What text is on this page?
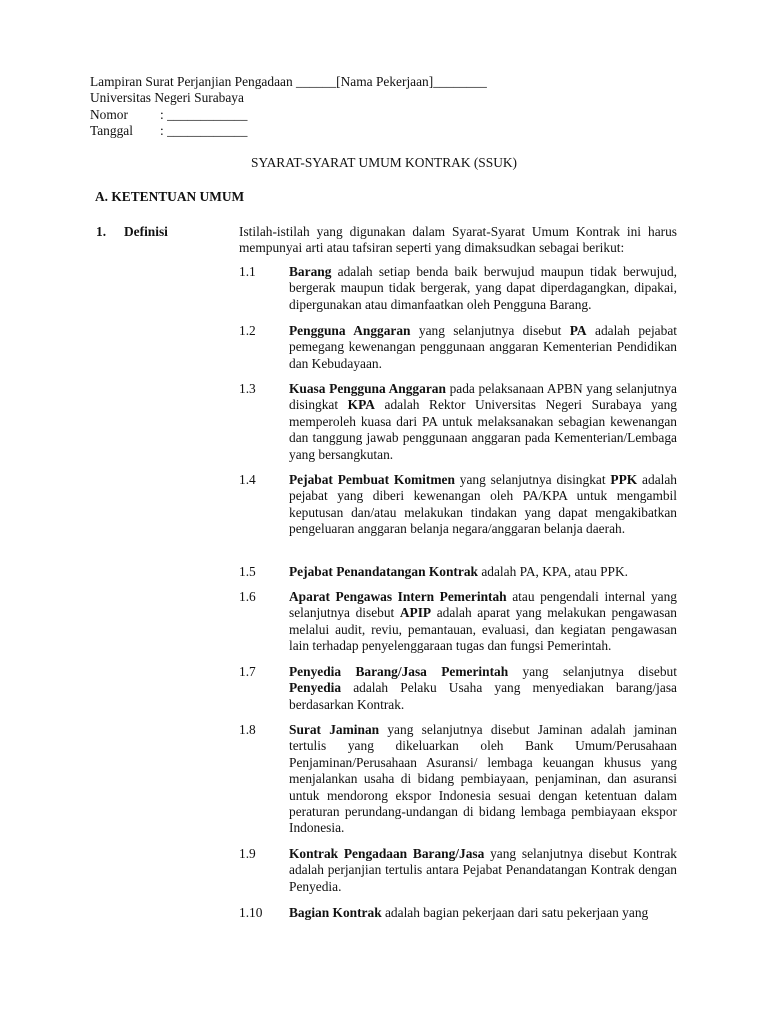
Lampiran Surat Perjanjian Pengadaan ______[Nama Pekerjaan]________
Universitas Negeri Surabaya
Nomor : ____________
Tanggal : ____________
SYARAT-SYARAT UMUM KONTRAK (SSUK)
A. KETENTUAN UMUM
1. Definisi	Istilah-istilah yang digunakan dalam Syarat-Syarat Umum Kontrak ini harus mempunyai arti atau tafsiran seperti yang dimaksudkan sebagai berikut:
1.1 Barang adalah setiap benda baik berwujud maupun tidak berwujud, bergerak maupun tidak bergerak, yang dapat diperdagangkan, dipakai, dipergunakan atau dimanfaatkan oleh Pengguna Barang.
1.2 Pengguna Anggaran yang selanjutnya disebut PA adalah pejabat pemegang kewenangan penggunaan anggaran Kementerian Pendidikan dan Kebudayaan.
1.3 Kuasa Pengguna Anggaran pada pelaksanaan APBN yang selanjutnya disingkat KPA adalah Rektor Universitas Negeri Surabaya yang memperoleh kuasa dari PA untuk melaksanakan sebagian kewenangan dan tanggung jawab penggunaan anggaran pada Kementerian/Lembaga yang bersangkutan.
1.4 Pejabat Pembuat Komitmen yang selanjutnya disingkat PPK adalah pejabat yang diberi kewenangan oleh PA/KPA untuk mengambil keputusan dan/atau melakukan tindakan yang dapat mengakibatkan pengeluaran anggaran belanja negara/anggaran belanja daerah.
1.5 Pejabat Penandatangan Kontrak adalah PA, KPA, atau PPK.
1.6 Aparat Pengawas Intern Pemerintah atau pengendali internal yang selanjutnya disebut APIP adalah aparat yang melakukan pengawasan melalui audit, reviu, pemantauan, evaluasi, dan kegiatan pengawasan lain terhadap penyelenggaraan tugas dan fungsi Pemerintah.
1.7 Penyedia Barang/Jasa Pemerintah yang selanjutnya disebut Penyedia adalah Pelaku Usaha yang menyediakan barang/jasa berdasarkan Kontrak.
1.8 Surat Jaminan yang selanjutnya disebut Jaminan adalah jaminan tertulis yang dikeluarkan oleh Bank Umum/Perusahaan Penjaminan/Perusahaan Asuransi/ lembaga keuangan khusus yang menjalankan usaha di bidang pembiayaan, penjaminan, dan asuransi untuk mendorong ekspor Indonesia sesuai dengan ketentuan dalam peraturan perundang-undangan di bidang lembaga pembiayaan ekspor Indonesia.
1.9 Kontrak Pengadaan Barang/Jasa yang selanjutnya disebut Kontrak adalah perjanjian tertulis antara Pejabat Penandatangan Kontrak dengan Penyedia.
1.10 Bagian Kontrak adalah bagian pekerjaan dari satu pekerjaan yang
